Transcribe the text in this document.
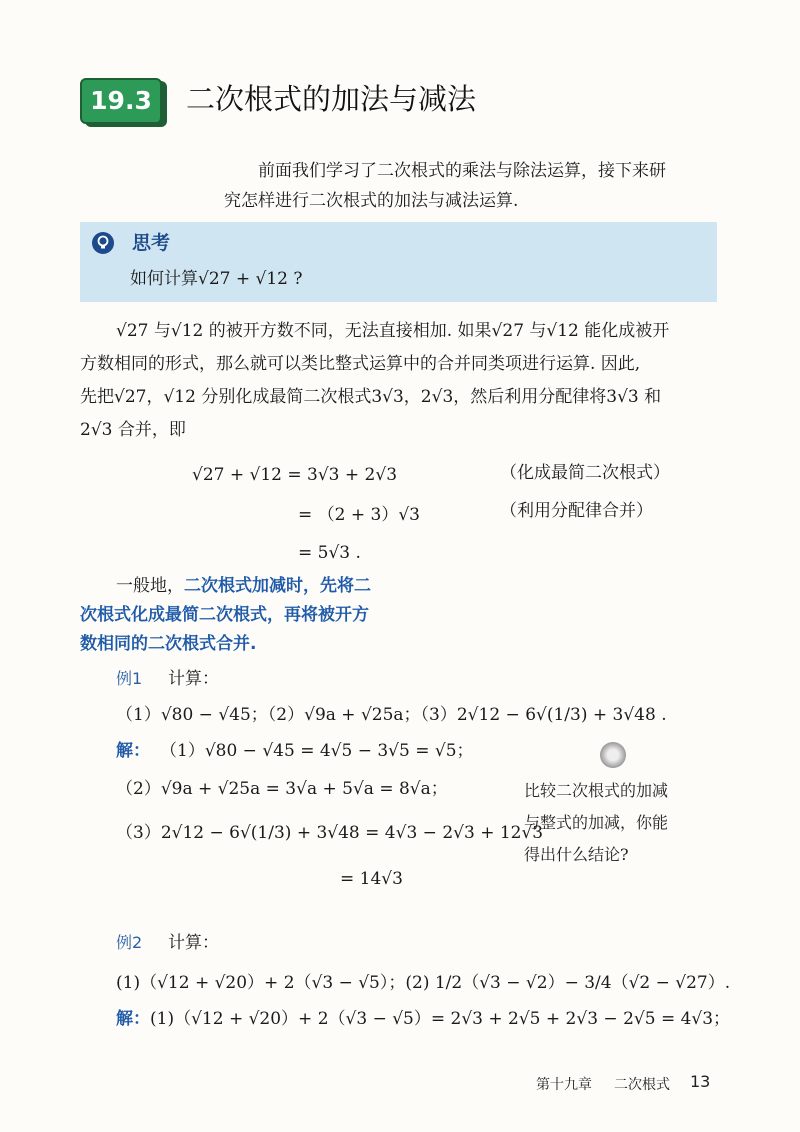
19.3	二次根式的加法与减法
前面我们学习了二次根式的乘法与除法运算，接下来研
究怎样进行二次根式的加法与减法运算.
思考
如何计算√27 + √12 ?
√27 与√12 的被开方数不同，无法直接相加. 如果√27 与√12 能化成被开
方数相同的形式，那么就可以类比整式运算中的合并同类项进行运算. 因此,
先把√27，√12 分别化成最简二次根式3√3，2√3，然后利用分配律将3√3 和
2√3 合并，即
√27 + √12 = 3√3 + 2√3	（化成最简二次根式）
= （2 + 3）√3	（利用分配律合并）
= 5√3 .
一般地，二次根式加减时，先将二
次根式化成最简二次根式，再将被开方
数相同的二次根式合并.
例1 计算：
（1）√80 − √45；（2）√9a + √25a；（3）2√12 − 6√(1/3) + 3√48 .
解： （1）√80 − √45 = 4√5 − 3√5 = √5；
（2）√9a + √25a = 3√a + 5√a = 8√a；
（3）2√12 − 6√(1/3) + 3√48 = 4√3 − 2√3 + 12√3
= 14√3
比较二次根式的加减
与整式的加减，你能
得出什么结论?
例2 计算：
(1)（√12 + √20）+ 2（√3 − √5）；(2) 1/2（√3 − √2）− 3/4（√2 − √27）.
解： (1)（√12 + √20）+ 2（√3 − √5）= 2√3 + 2√5 + 2√3 − 2√5 = 4√3；
第十九章 二次根式 13
